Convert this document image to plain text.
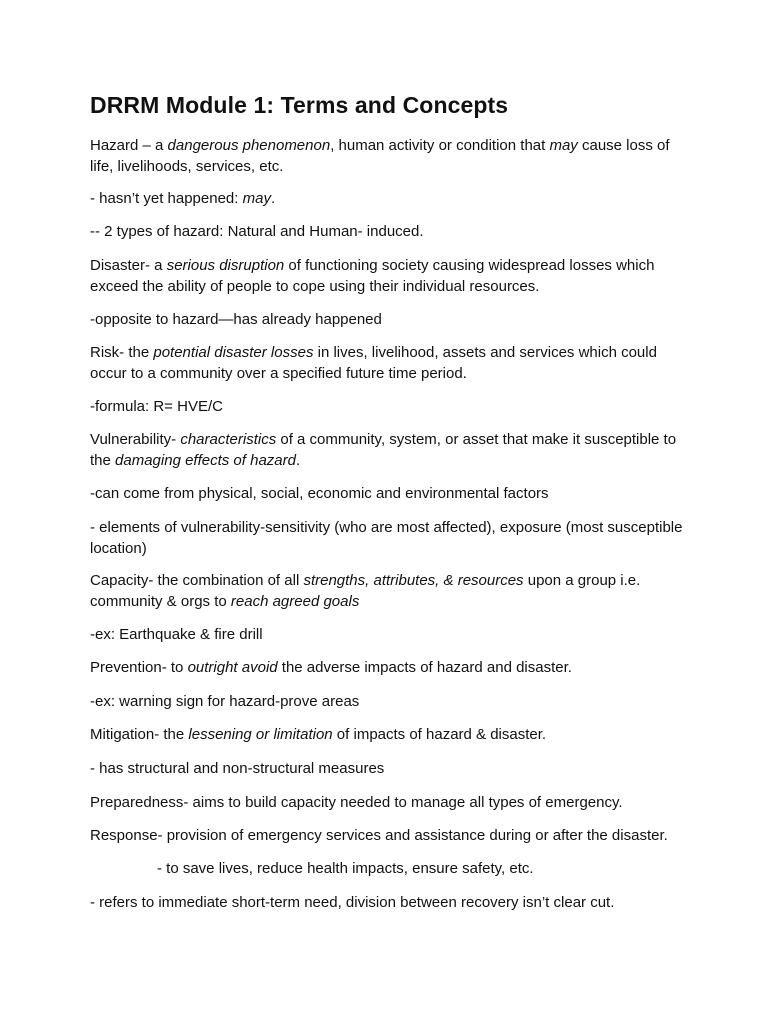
DRRM Module 1: Terms and Concepts

Hazard – a dangerous phenomenon, human activity or condition that may cause loss of life, livelihoods, services, etc.

- hasn’t yet happened: may.

-- 2 types of hazard: Natural and Human- induced.

Disaster- a serious disruption of functioning society causing widespread losses which exceed the ability of people to cope using their individual resources.

-opposite to hazard—has already happened

Risk- the potential disaster losses in lives, livelihood, assets and services which could occur to a community over a specified future time period.

-formula: R= HVE/C

Vulnerability- characteristics of a community, system, or asset that make it susceptible to the damaging effects of hazard.

-can come from physical, social, economic and environmental factors

- elements of vulnerability-sensitivity (who are most affected), exposure (most susceptible location)

Capacity- the combination of all strengths, attributes, & resources upon a group i.e. community & orgs to reach agreed goals

-ex: Earthquake & fire drill

Prevention- to outright avoid the adverse impacts of hazard and disaster.

-ex: warning sign for hazard-prove areas

Mitigation- the lessening or limitation of impacts of hazard & disaster.

- has structural and non-structural measures

Preparedness- aims to build capacity needed to manage all types of emergency.

Response- provision of emergency services and assistance during or after the disaster.

- to save lives, reduce health impacts, ensure safety, etc.

- refers to immediate short-term need, division between recovery isn’t clear cut.
